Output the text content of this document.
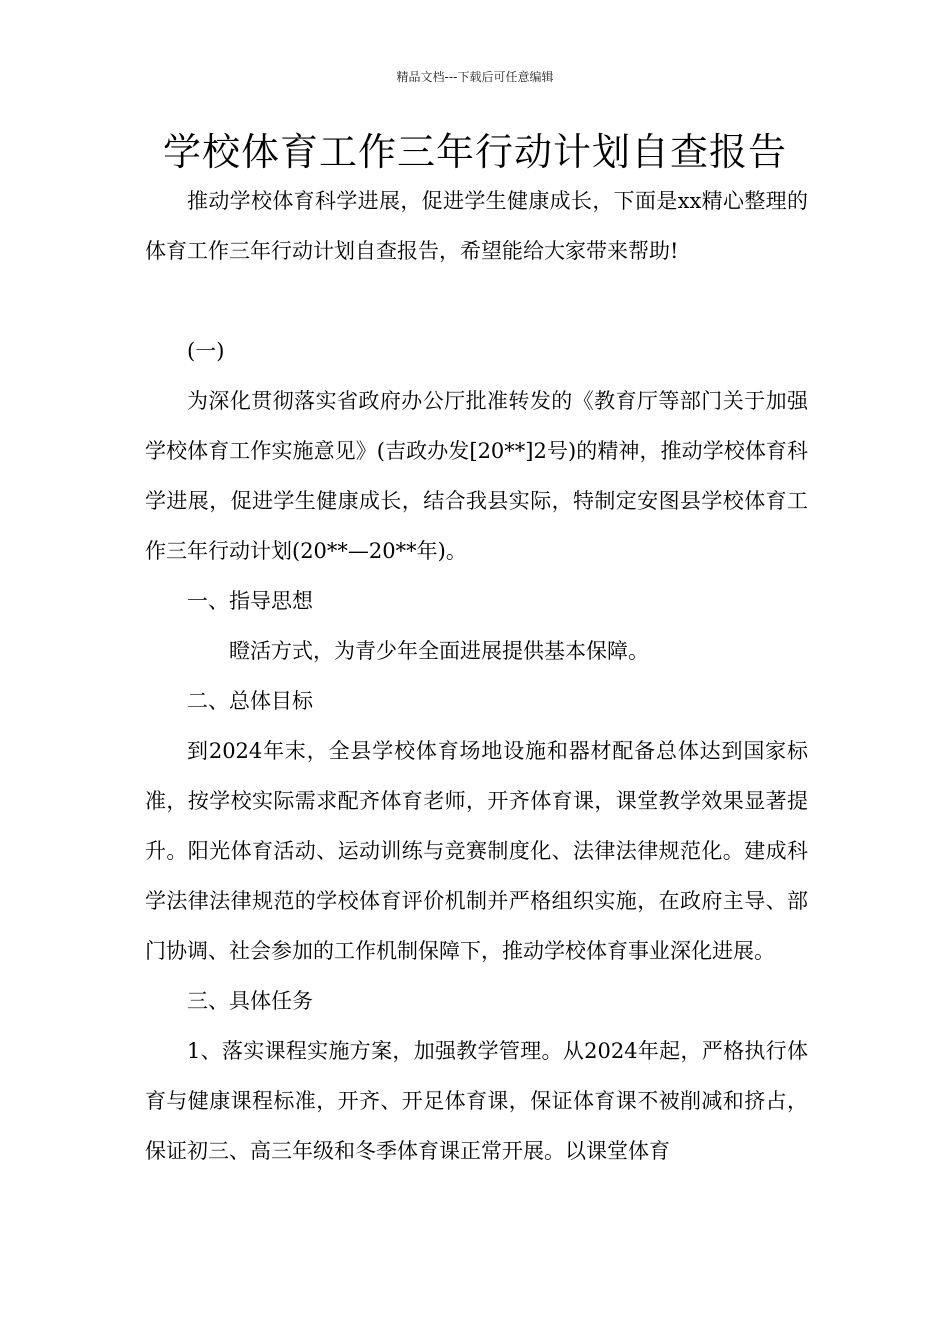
精品文档---下载后可任意编辑
学校体育工作三年行动计划自查报告

推动学校体育科学进展，促进学生健康成长，下面是xx精心整理的体育工作三年行动计划自查报告，希望能给大家带来帮助!

(一)

为深化贯彻落实省政府办公厅批准转发的《教育厅等部门关于加强学校体育工作实施意见》(吉政办发[20**]2号)的精神，推动学校体育科学进展，促进学生健康成长，结合我县实际，特制定安图县学校体育工作三年行动计划(20**—20**年)。

一、指导思想

瞪活方式，为青少年全面进展提供基本保障。

二、总体目标

到2024年末，全县学校体育场地设施和器材配备总体达到国家标准，按学校实际需求配齐体育老师，开齐体育课，课堂教学效果显著提升。阳光体育活动、运动训练与竞赛制度化、法律法律规范化。建成科学法律法律规范的学校体育评价机制并严格组织实施，在政府主导、部门协调、社会参加的工作机制保障下，推动学校体育事业深化进展。

三、具体任务

1、落实课程实施方案，加强教学管理。从2024年起，严格执行体育与健康课程标准，开齐、开足体育课，保证体育课不被削减和挤占，保证初三、高三年级和冬季体育课正常开展。以课堂体育
